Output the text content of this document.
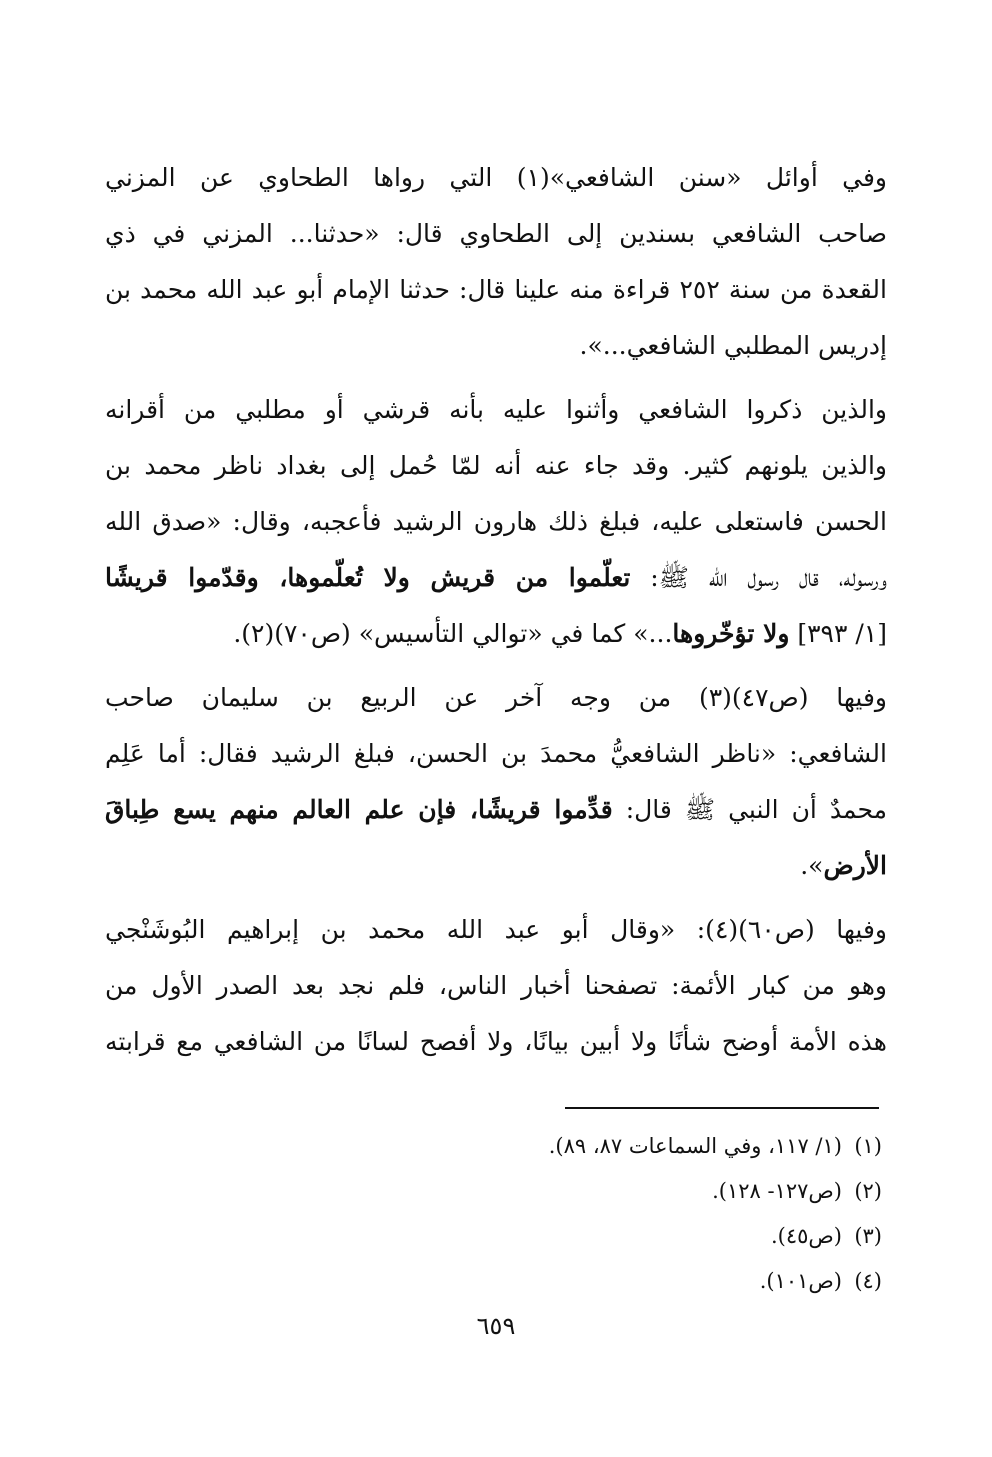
وفي أوائل «سنن الشافعي»(١) التي رواها الطحاوي عن المزني
صاحب الشافعي بسندين إلى الطحاوي قال: «حدثنا... المزني في ذي
القعدة من سنة ٢٥٢ قراءة منه علينا قال: حدثنا الإمام أبو عبد الله محمد بن
إدريس المطلبي الشافعي...».
والذين ذكروا الشافعي وأثنوا عليه بأنه قرشي أو مطلبي من أقرانه
والذين يلونهم كثير. وقد جاء عنه أنه لمّا حُمل إلى بغداد ناظر محمد بن
الحسن فاستعلى عليه، فبلغ ذلك هارون الرشيد فأعجبه، وقال: «صدق الله
ورسوله، قال رسول الله ﷺ: تعلّموا من قريش ولا تُعلّموها، وقدّموا قريشًا
[١/ ٣٩٣] ولا تؤخّروها...» كما في «توالي التأسيس» (ص٧٠)(٢).
وفيها (ص٤٧)(٣) من وجه آخر عن الربيع بن سليمان صاحب
الشافعي: «ناظر الشافعيُّ محمدَ بن الحسن، فبلغ الرشيد فقال: أما عَلِم
محمدٌ أن النبي ﷺ قال: قدِّموا قريشًا، فإن علم العالم منهم يسع طِباقَ
الأرض».
وفيها (ص٦٠)(٤): «وقال أبو عبد الله محمد بن إبراهيم البُوشَنْجي
وهو من كبار الأئمة: تصفحنا أخبار الناس، فلم نجد بعد الصدر الأول من
هذه الأمة أوضح شأنًا ولا أبين بيانًا، ولا أفصح لسانًا من الشافعي مع قرابته
(١)(١/ ١١٧، وفي السماعات ٨٧، ٨٩).
(٢)(ص١٢٧- ١٢٨).
(٣)(ص٤٥).
(٤)(ص١٠١).
٦٥٩
